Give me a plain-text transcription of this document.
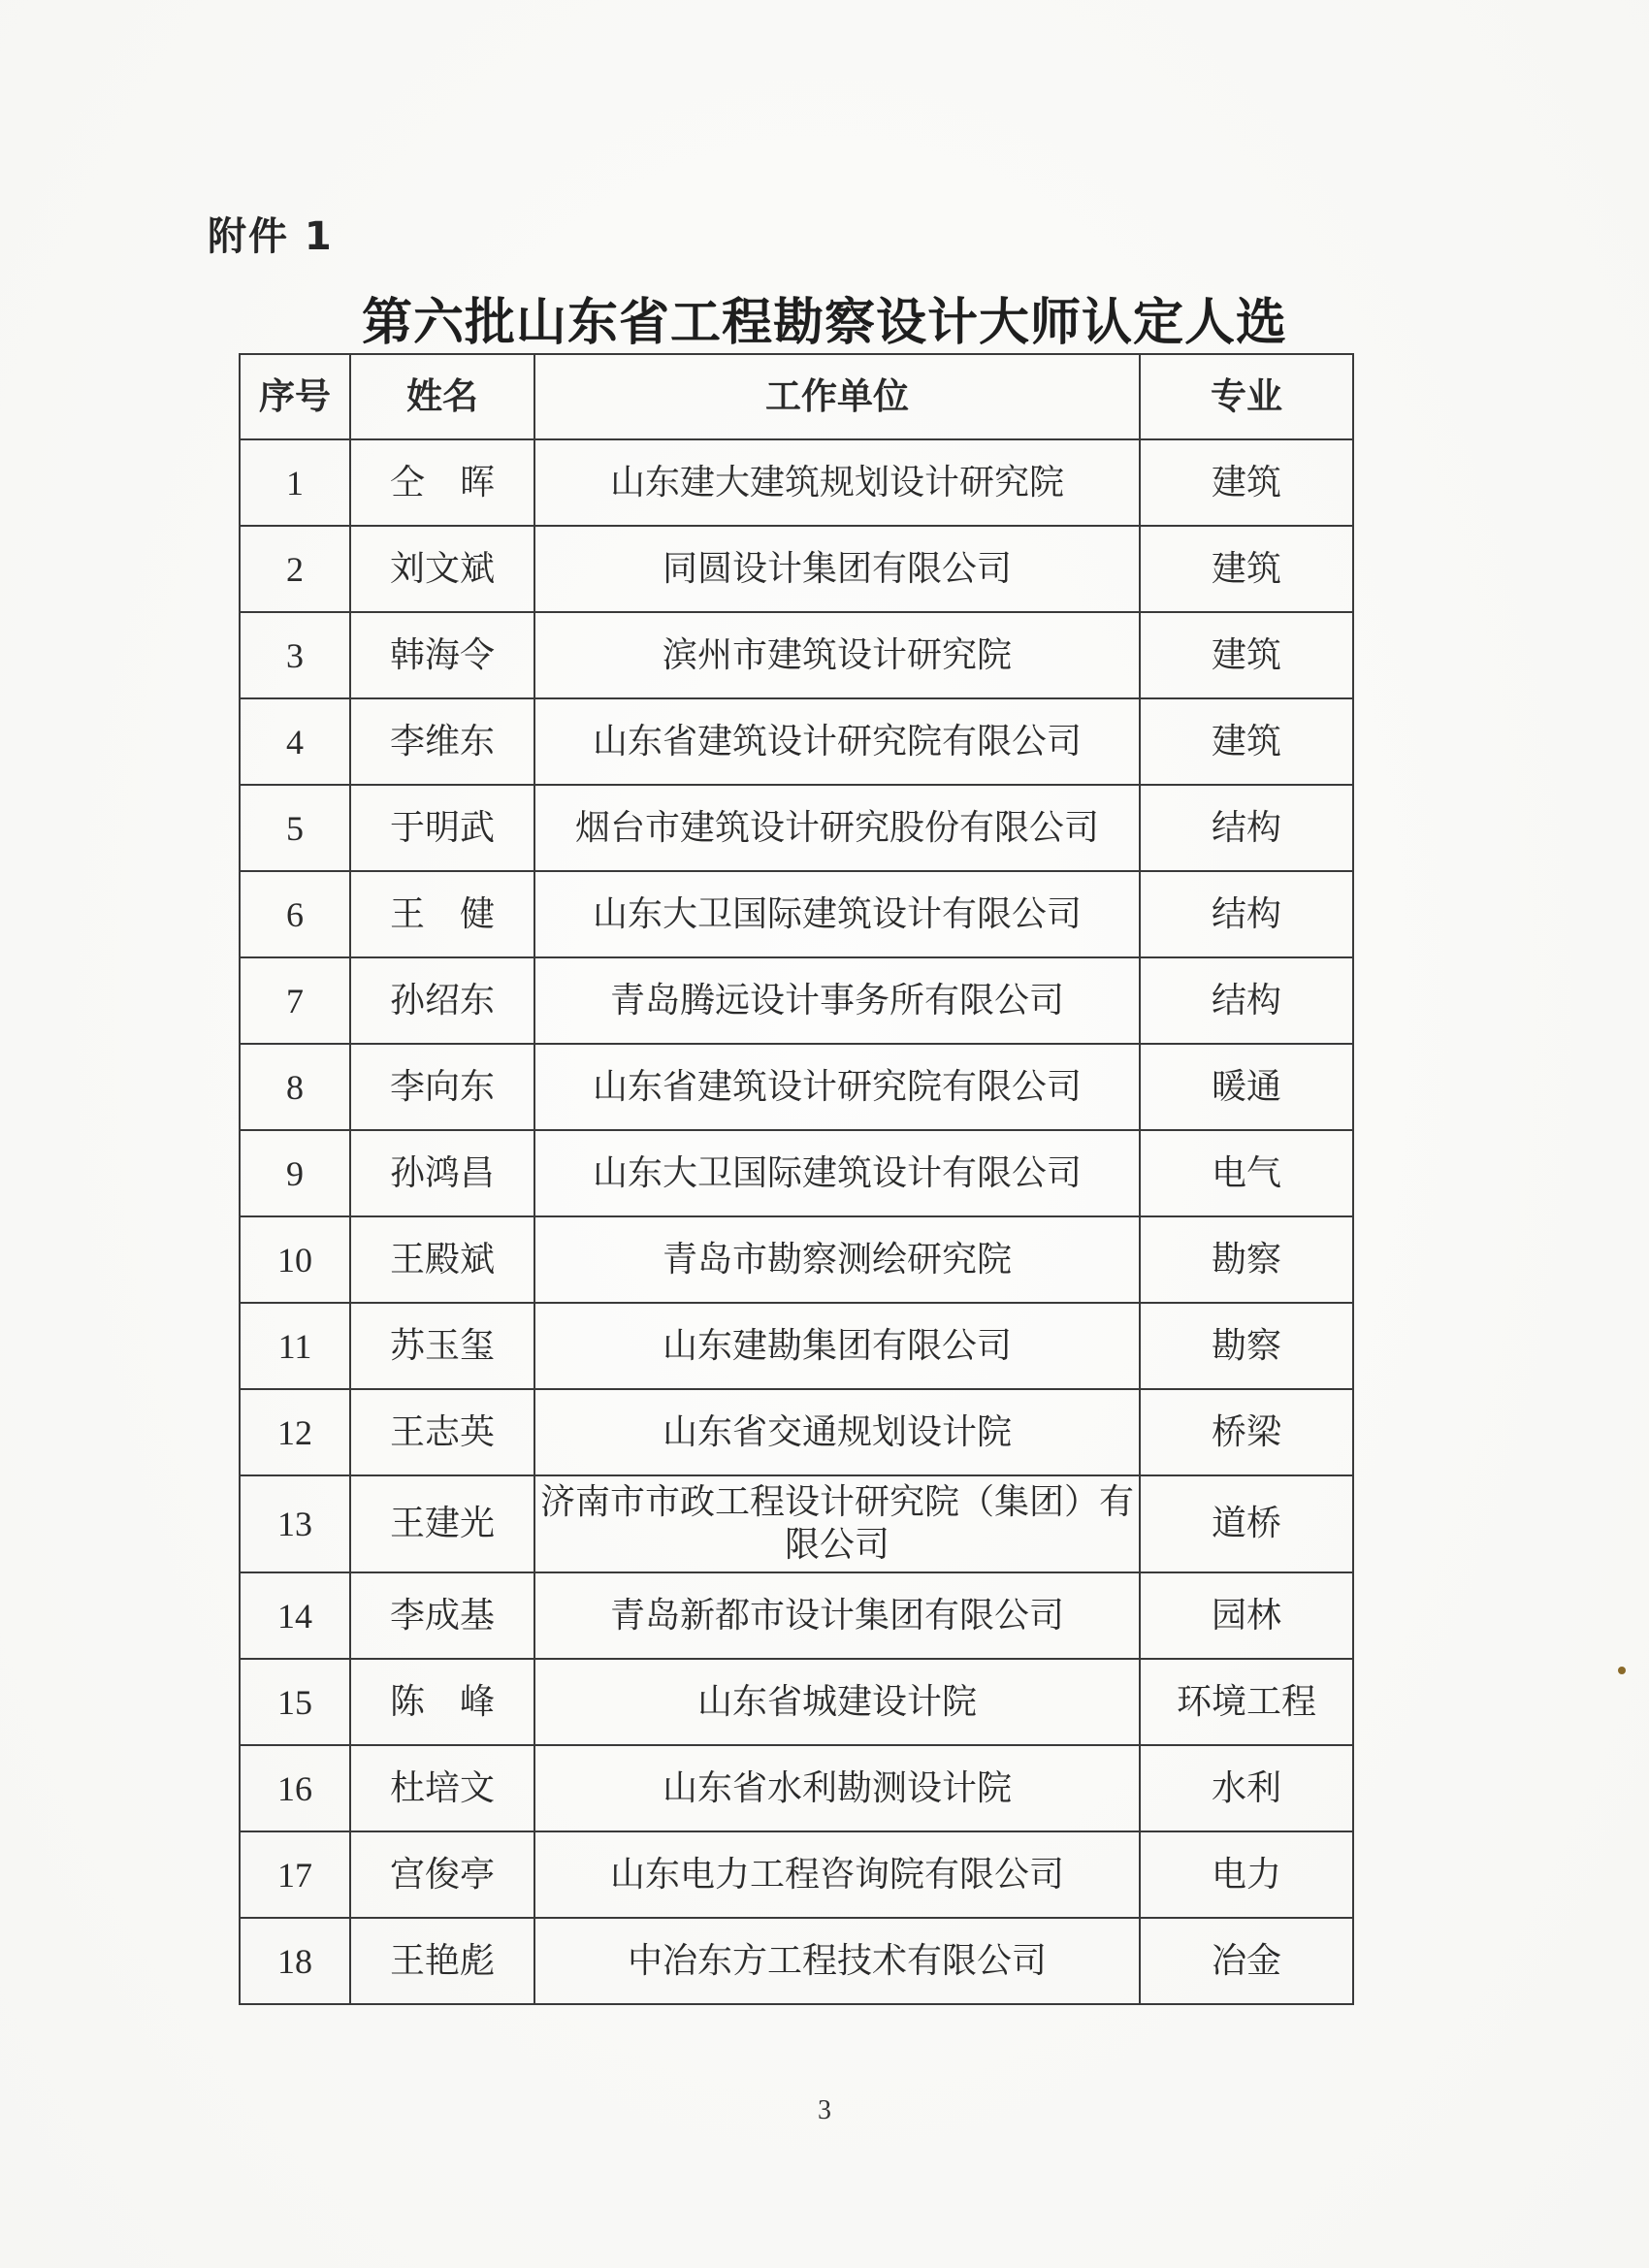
附件 1
第六批山东省工程勘察设计大师认定人选
序号	姓名	工作单位	专业
1	仝　晖	山东建大建筑规划设计研究院	建筑
2	刘文斌	同圆设计集团有限公司	建筑
3	韩海令	滨州市建筑设计研究院	建筑
4	李维东	山东省建筑设计研究院有限公司	建筑
5	于明武	烟台市建筑设计研究股份有限公司	结构
6	王　健	山东大卫国际建筑设计有限公司	结构
7	孙绍东	青岛腾远设计事务所有限公司	结构
8	李向东	山东省建筑设计研究院有限公司	暖通
9	孙鸿昌	山东大卫国际建筑设计有限公司	电气
10	王殿斌	青岛市勘察测绘研究院	勘察
11	苏玉玺	山东建勘集团有限公司	勘察
12	王志英	山东省交通规划设计院	桥梁
13	王建光	济南市市政工程设计研究院（集团）有限公司	道桥
14	李成基	青岛新都市设计集团有限公司	园林
15	陈　峰	山东省城建设计院	环境工程
16	杜培文	山东省水利勘测设计院	水利
17	宫俊亭	山东电力工程咨询院有限公司	电力
18	王艳彪	中冶东方工程技术有限公司	冶金
3
